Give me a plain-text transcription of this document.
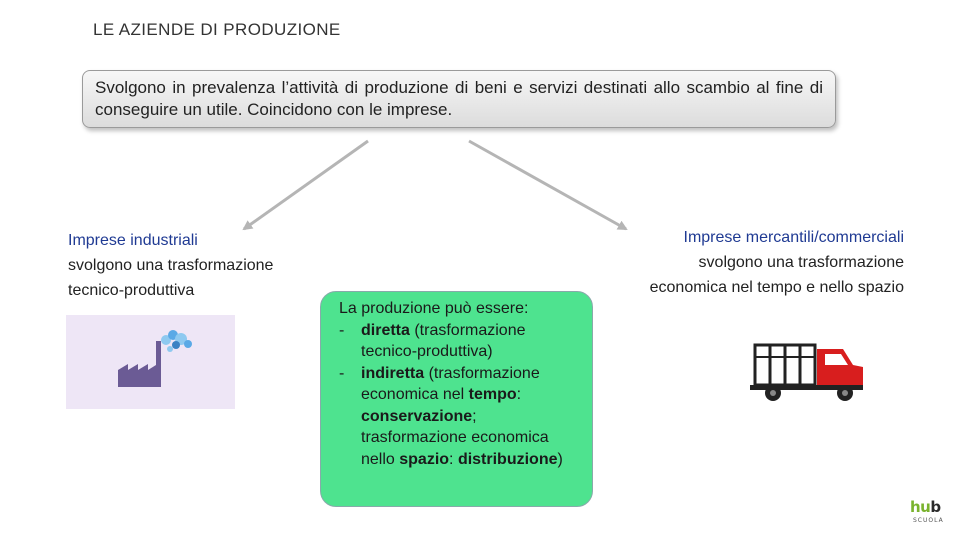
LE AZIENDE DI PRODUZIONE
Svolgono in prevalenza l’attività di produzione di beni e servizi destinati allo scambio al fine di conseguire un utile. Coincidono con le imprese.
Imprese industriali
svolgono una trasformazione
tecnico-produttiva
Imprese mercantili/commerciali
svolgono una trasformazione
economica nel tempo e nello spazio
La produzione può essere:
-	diretta (trasformazione tecnico-produttiva)
-	indiretta (trasformazione economica nel tempo: conservazione; trasformazione economica nello spazio: distribuzione)
hub
SCUOLA
